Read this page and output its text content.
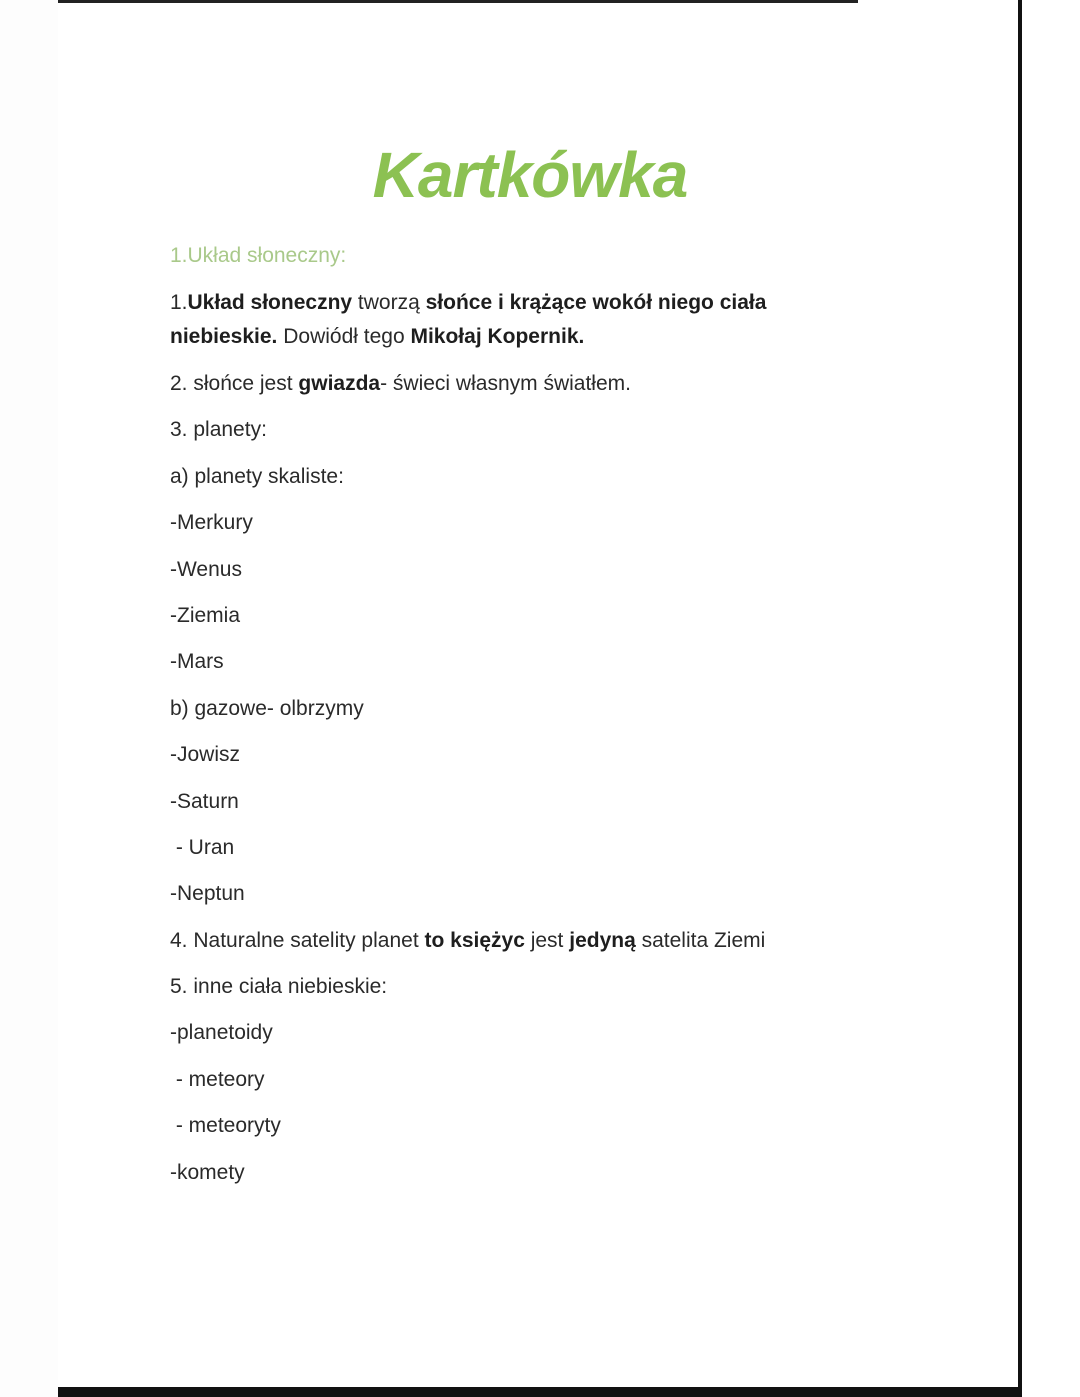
Kartkówka
1.Układ słoneczny:
1.Układ słoneczny tworzą słońce i krążące wokół niego ciała
niebieskie. Dowiódł tego Mikołaj Kopernik.
2. słońce jest gwiazda- świeci własnym światłem.
3. planety:
a) planety skaliste:
-Merkury
-Wenus
-Ziemia
-Mars
b) gazowe- olbrzymy
-Jowisz
-Saturn
- Uran
-Neptun
4. Naturalne satelity planet to księżyc jest jedyną satelita Ziemi
5. inne ciała niebieskie:
-planetoidy
- meteory
- meteoryty
-komety
